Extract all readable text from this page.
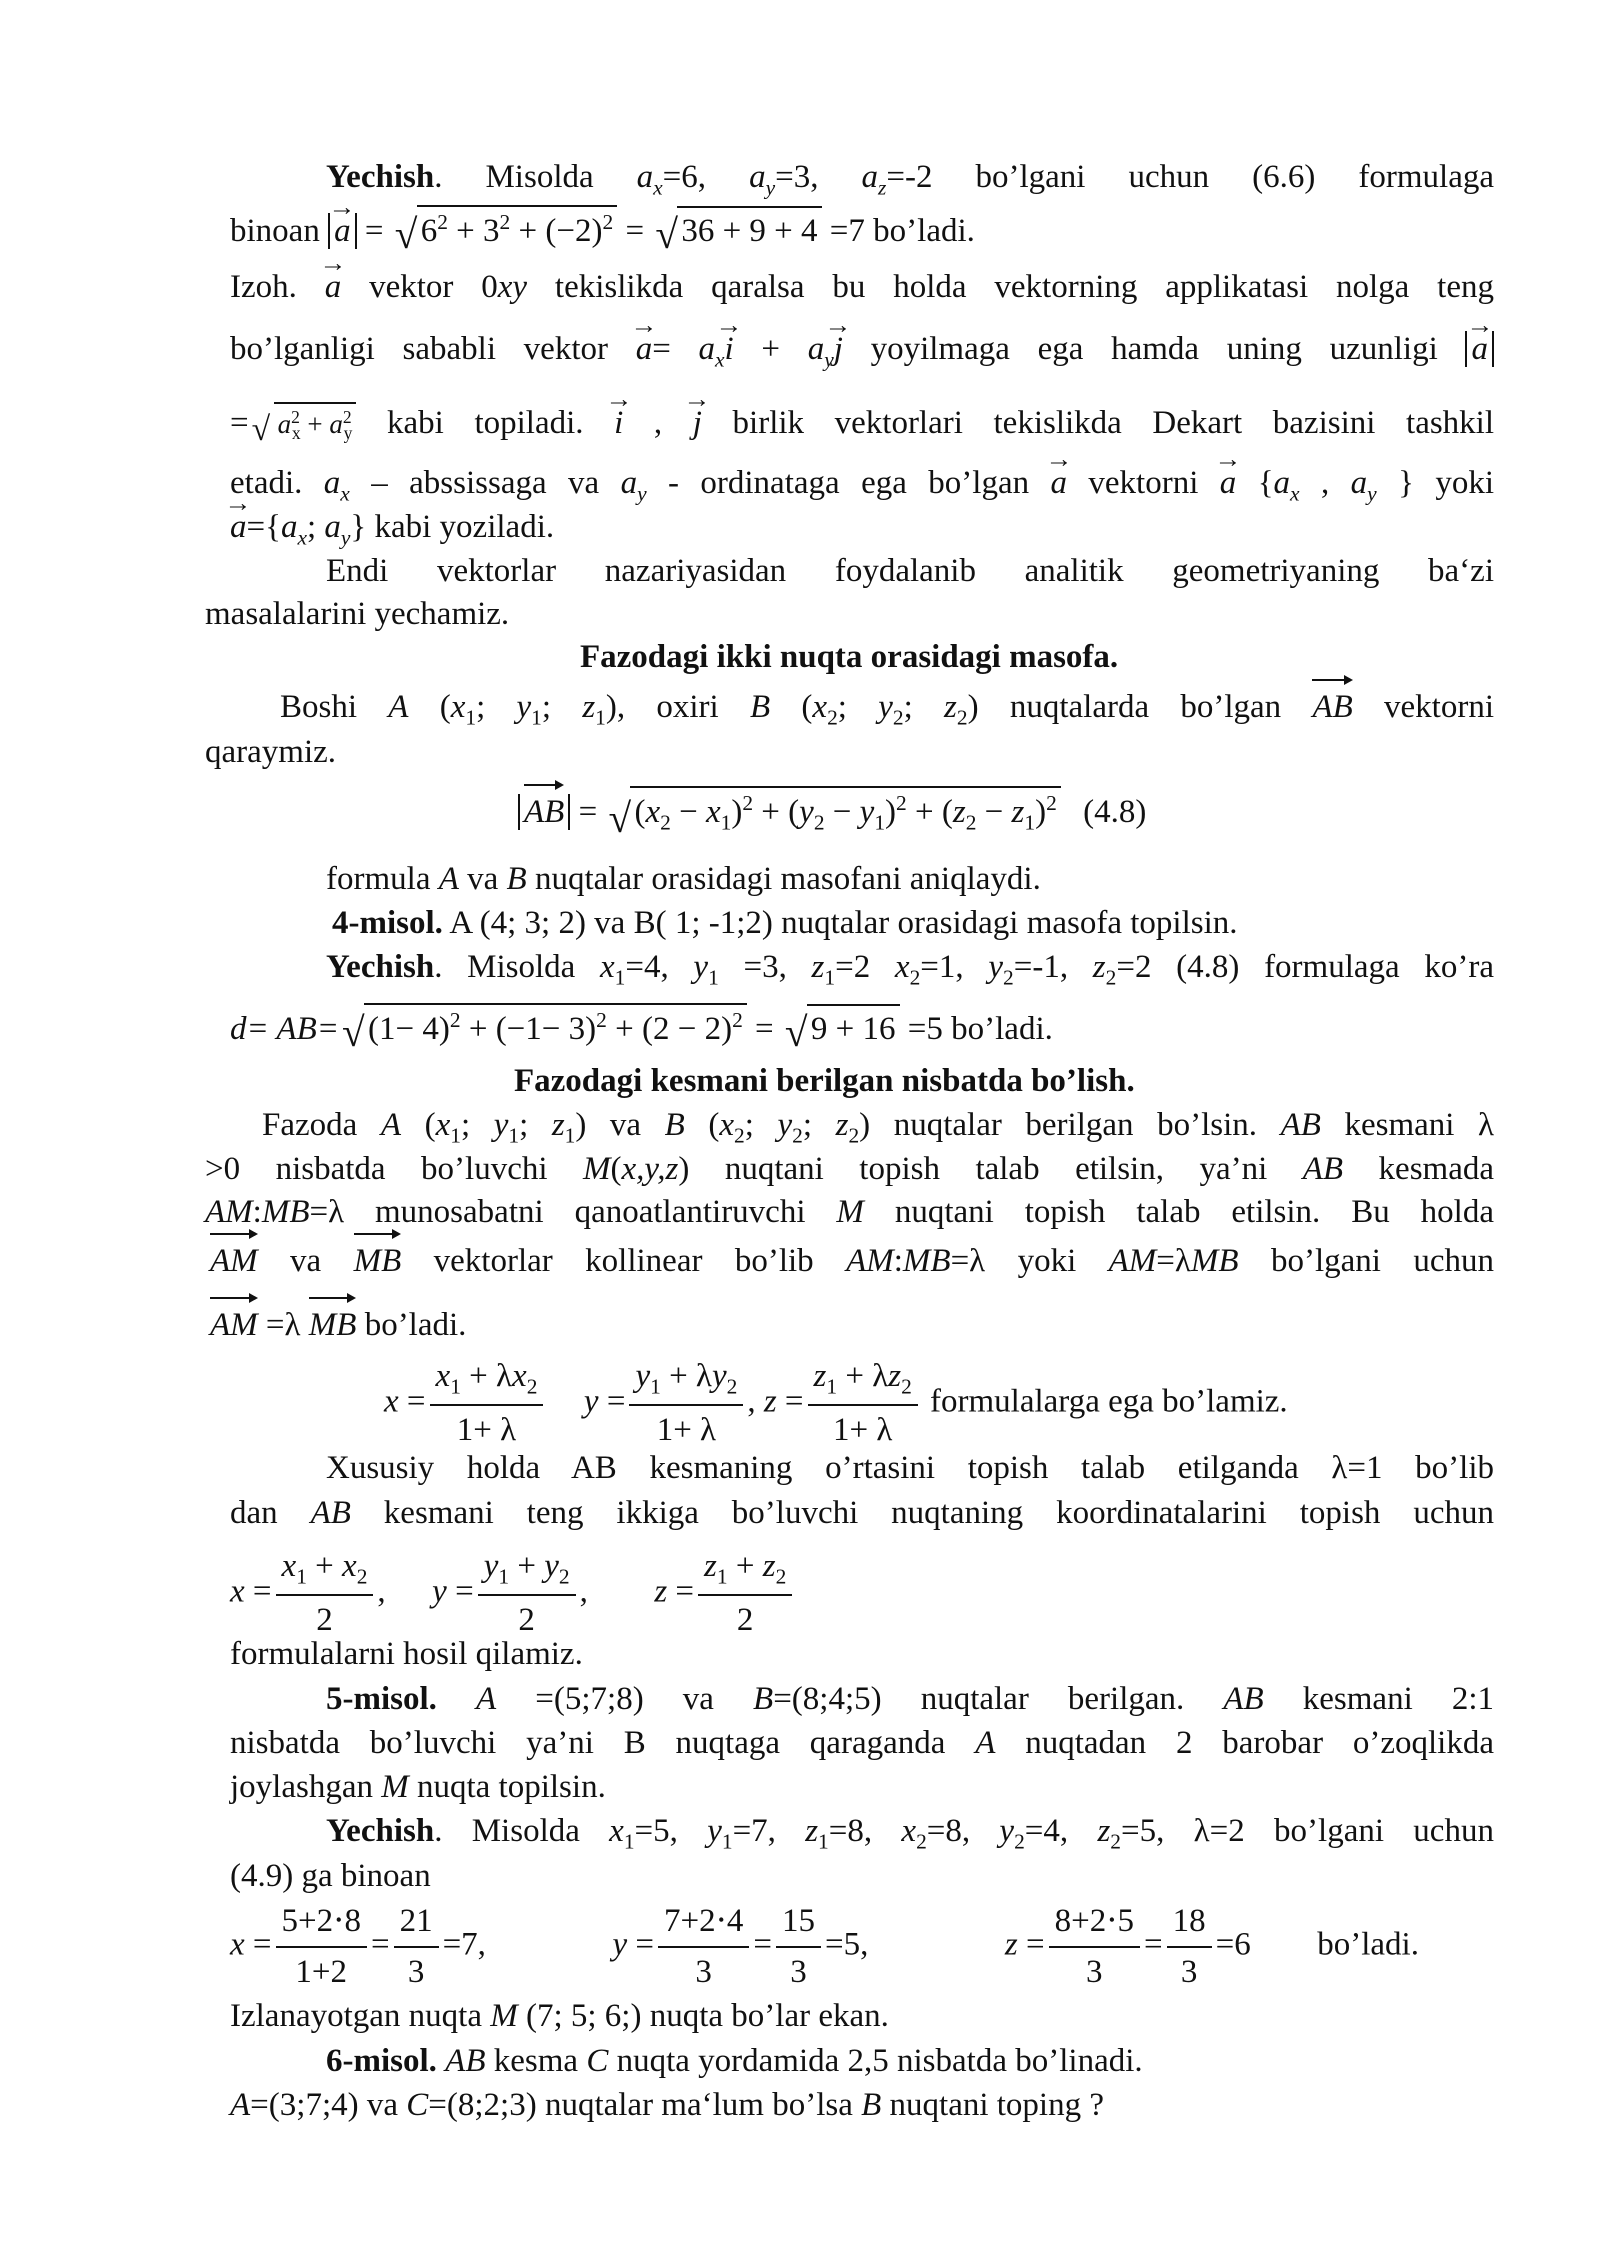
Yechish. Misolda $a_x=6$, $a_y=3$, $a_z=-2$ bo’lgani uchun (6.6) formulaga
binoan → a = √ $6^2 + 3^2 + (-2)^2$ = √ 36 + 9 + 4 =7 bo’ladi.
Izoh. → a vektor 0xy tekislikda qaralsa bu holda vektorning applikatasi nolga teng
bo’lganligi sababli vektor → $a= a_x\to i + a_y\to j$ yoyilmaga ega hamda uning uzunligi → a
= √ $a^2_x + a^2_y$ kabi topiladi. → i , → j birlik vektorlari tekislikda Dekart bazisini tashkil
etadi. $a_x$ – abssissaga va $a_y$ - ordinataga ega bo’lgan → a vektorni → a {$a_x$ , $a_y$ } yoki
→ $a=\{a_x$; $a_y$} kabi yoziladi.
Endi vektorlar nazariyasidan foydalanib analitik geometriyaning ba‘zi
masalalarini yechamiz.
Fazodagi ikki nuqta orasidagi masofa.
Boshi A ($x_1$; $y_1$; $z_1$), oxiri B ($x_2$; $y_2$; $z_2$) nuqtalarda bo’lgan AB vektorni
qaraymiz.
AB = √ $(x_2 - x_1)^2 + (y_2 - y_1)^2 + (z_2 - z_1)^2$ (4.8)
formula A va B nuqtalar orasidagi masofani aniqlaydi.
4-misol. A (4; 3; 2) va B( 1; -1;2) nuqtalar orasidagi masofa topilsin.
Yechish. Misolda $x_1=4$, $y_1 =3$, $z_1=2$ $x_2=1$, $y_2=-1$, $z_2=2$ (4.8) formulaga ko’ra
d= AB= √ $(1- 4)^2 + (-1- 3)^2 + (2 - 2)^2$ = √ 9 + 16 =5 bo’ladi.
Fazodagi kesmani berilgan nisbatda bo’lish.
Fazoda A ($x_1$; $y_1$; $z_1$) va B ($x_2$; $y_2$; $z_2$) nuqtalar berilgan bo’lsin. AB kesmani λ
>0 nisbatda bo’luvchi M(x,y,z) nuqtani topish talab etilsin, ya’ni AB kesmada
AM:MB=λ munosabatni qanoatlantiruvchi M nuqtani topish talab etilsin. Bu holda
AM va MB vektorlar kollinear bo’lib AM:MB=λ yoki AM=λMB bo’lgani uchun
AM =λ MB bo’ladi.
$x = \frac{x_1 + \lambda x_2}{1+ \lambda}$ $y = \frac{y_1 + \lambda y_2}{1+ \lambda}$ , $z = \frac{z_1 + \lambda z_2}{1+ \lambda}$ formulalarga ega bo’lamiz.
Xususiy holda AB kesmaning o’rtasini topish talab etilganda λ=1 bo’lib
dan AB kesmani teng ikkiga bo’luvchi nuqtaning koordinatalarini topish uchun
$x = \frac{x_1 + x_2}{2}$ ,  $y = \frac{y_1 + y_2}{2}$ ,  $z = \frac{z_1 + z_2}{2}$
formulalarni hosil qilamiz.
5-misol. A =(5;7;8) va B=(8;4;5) nuqtalar berilgan. AB kesmani 2:1
nisbatda bo’luvchi ya’ni B nuqtaga qaraganda A nuqtadan 2 barobar o’zoqlikda
joylashgan M nuqta topilsin.
Yechish. Misolda $x_1=5$, $y_1=7$, $z_1=8$, $x_2=8$, $y_2=4$, $z_2=5$, λ=2 bo’lgani uchun
(4.9) ga binoan
$x = \frac{5+2\cdot 8}{1+2} = \frac{21}{3} =7$,	$y = \frac{7+2\cdot 4}{3} = \frac{15}{3} =5$,	$z = \frac{8+2\cdot 5}{3} = \frac{18}{3} =6$ bo’ladi.
Izlanayotgan nuqta M (7; 5; 6;) nuqta bo’lar ekan.
6-misol. AB kesma C nuqta yordamida 2,5 nisbatda bo’linadi.
A=(3;7;4) va C=(8;2;3) nuqtalar ma‘lum bo’lsa B nuqtani toping ?
